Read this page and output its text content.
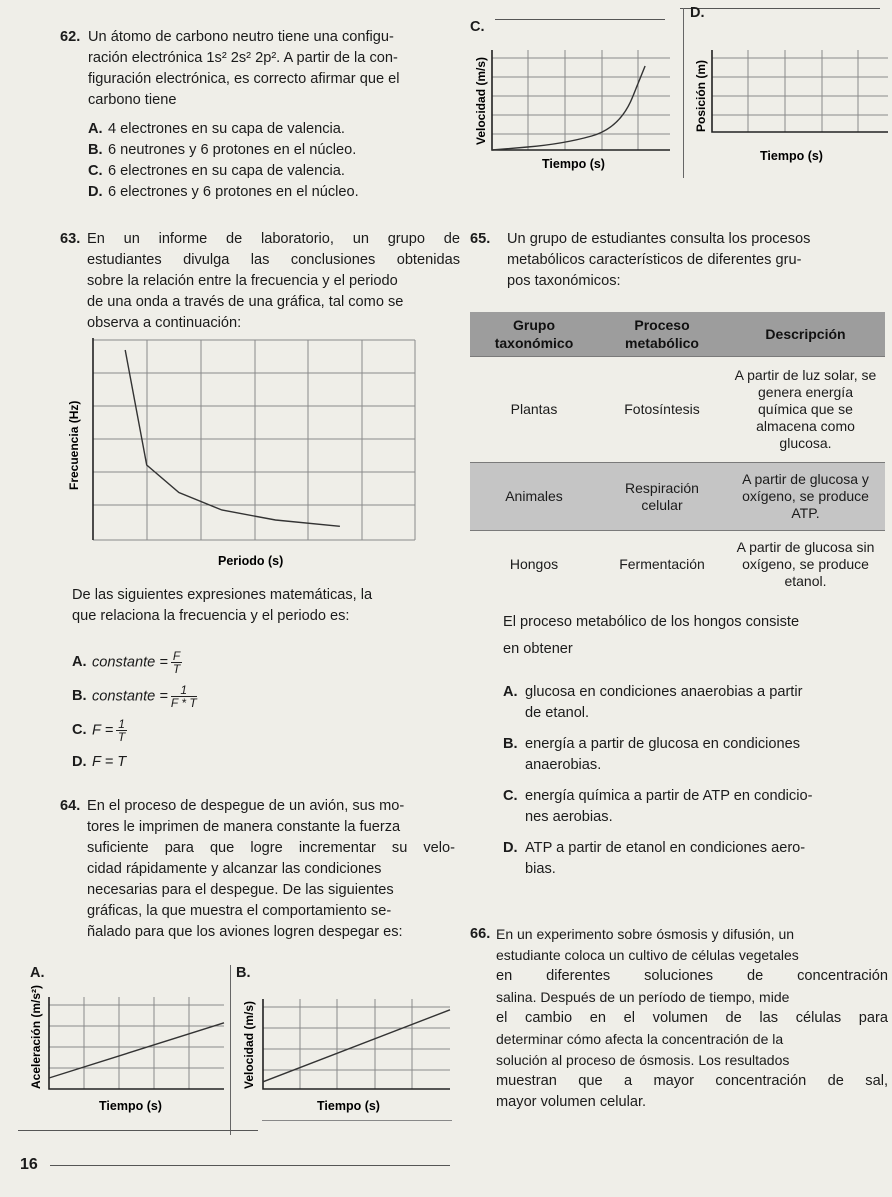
62. Un átomo de carbono neutro tiene una configu-
ración electrónica 1s² 2s² 2p². A partir de la con-
figuración electrónica, es correcto afirmar que el
carbono tiene
A. 4 electrones en su capa de valencia.
B. 6 neutrones y 6 protones en el núcleo.
C. 6 electrones en su capa de valencia.
D. 6 electrones y 6 protones en el núcleo.
C.
D.
Velocidad (m/s)
Tiempo (s)
Posición (m)
Tiempo (s)
63. En un informe de laboratorio, un grupo de
estudiantes divulga las conclusiones obtenidas
sobre la relación entre la frecuencia y el periodo
de una onda a través de una gráfica, tal como se
observa a continuación:
Frecuencia (Hz)
Periodo (s)
De las siguientes expresiones matemáticas, la
que relaciona la frecuencia y el periodo es:
A. constante = $\frac{F}{T}$
B. constante = $\frac{1}{F * T}$
C. $F = \frac{1}{T}$
D. F = T
64. En el proceso de despegue de un avión, sus mo-
tores le imprimen de manera constante la fuerza
suficiente para que logre incrementar su velo-
cidad rápidamente y alcanzar las condiciones
necesarias para el despegue. De las siguientes
gráficas, la que muestra el comportamiento se-
ñalado para que los aviones logren despegar es:
A.	B.
Aceleración (m/s²)
Tiempo (s)
Velocidad (m/s)
Tiempo (s)
16
65. Un grupo de estudiantes consulta los procesos
metabólicos característicos de diferentes gru-
pos taxonómicos:
Grupo taxonómico	Proceso metabólico	Descripción
Plantas	Fotosíntesis	A partir de luz solar, se genera energía química que se almacena como glucosa.
Animales	Respiración celular	A partir de glucosa y oxígeno, se produce ATP.
Hongos	Fermentación	A partir de glucosa sin oxígeno, se produce etanol.
El proceso metabólico de los hongos consiste
en obtener
A. glucosa en condiciones anaerobias a partir
de etanol.
B. energía a partir de glucosa en condiciones
anaerobias.
C. energía química a partir de ATP en condicio-
nes aerobias.
D. ATP a partir de etanol en condiciones aero-
bias.
66. En un experimento sobre ósmosis y difusión, un
estudiante coloca un cultivo de células vegetales
en diferentes soluciones de concentración
salina. Después de un período de tiempo, mide
el cambio en el volumen de las células para
determinar cómo afecta la concentración de la
solución al proceso de ósmosis. Los resultados
muestran que a mayor concentración de sal,
mayor volumen celular.
